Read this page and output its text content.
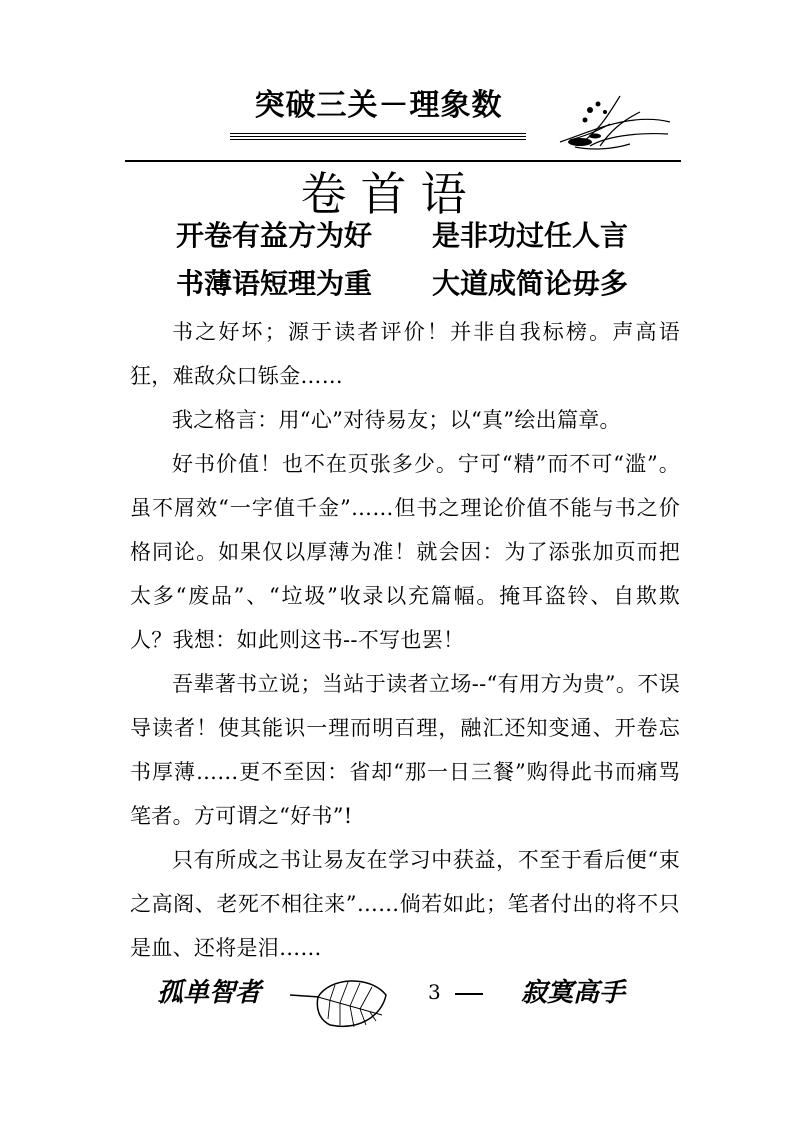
突破三关－理象数
卷首语
开卷有益方为好 是非功过任人言
书薄语短理为重 大道成简论毋多
书之好坏；源于读者评价！并非自我标榜。声高语狂，难敌众口铄金……
我之格言：用“心”对待易友；以“真”绘出篇章。
好书价值！也不在页张多少。宁可“精”而不可“滥”。虽不屑效“一字值千金”……但书之理论价值不能与书之价格同论。如果仅以厚薄为准！就会因：为了添张加页而把太多“废品”、“垃圾”收录以充篇幅。掩耳盗铃、自欺欺人？我想：如此则这书--不写也罢！
吾辈著书立说；当站于读者立场--“有用方为贵”。不误导读者！使其能识一理而明百理，融汇还知变通、开卷忘书厚薄……更不至因：省却“那一日三餐”购得此书而痛骂笔者。方可谓之“好书”!
只有所成之书让易友在学习中获益，不至于看后便“束之高阁、老死不相往来”……倘若如此；笔者付出的将不只是血、还将是泪……
孤单智者	3	寂寞高手
